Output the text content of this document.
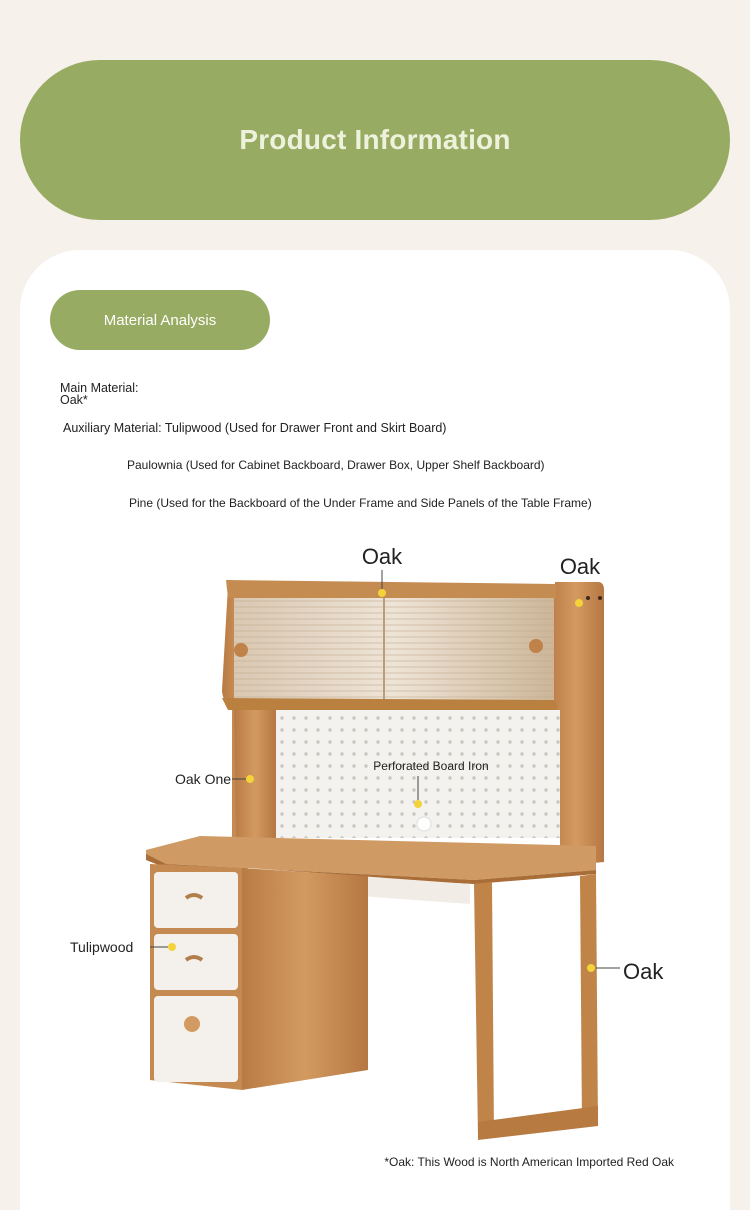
Product Information
Material Analysis
Main Material:
Oak*
Auxiliary Material: Tulipwood (Used for Drawer Front and Skirt Board)
Paulownia (Used for Cabinet Backboard, Drawer Box, Upper Shelf Backboard)
Pine (Used for the Backboard of the Under Frame and Side Panels of the Table Frame)
*Oak: This Wood is North American Imported Red Oak
Oak	Oak
Oak One
Perforated Board Iron
Tulipwood
Oak
